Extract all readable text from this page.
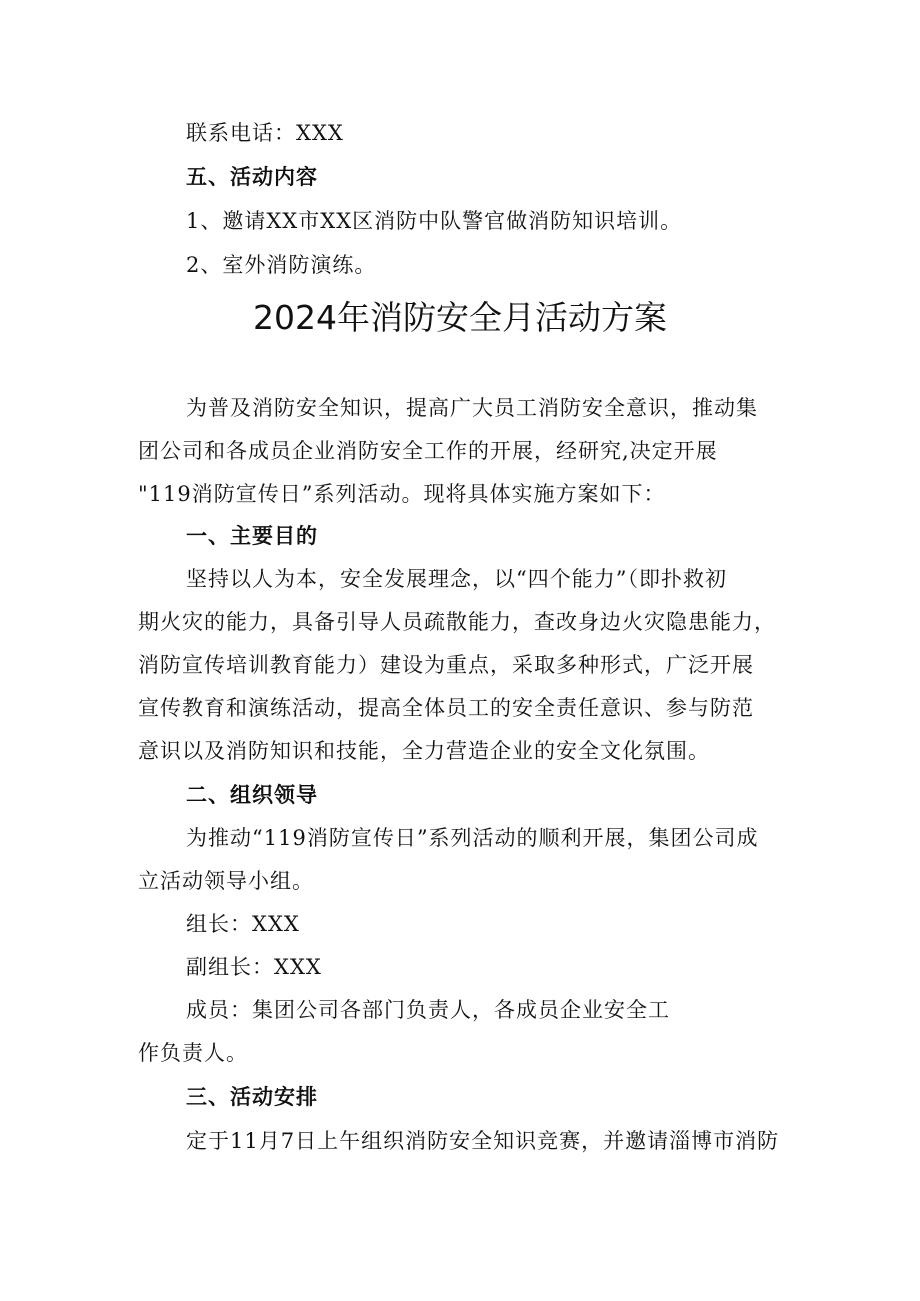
联系电话：XXX

五、活动内容

1、邀请XX市XX区消防中队警官做消防知识培训。

2、室外消防演练。

2024年消防安全月活动方案

为普及消防安全知识，提高广大员工消防安全意识，推动集

团公司和各成员企业消防安全工作的开展，经研究,决定开展

"119消防宣传日”系列活动。现将具体实施方案如下：

一、主要目的

坚持以人为本，安全发展理念，以“四个能力”（即扑救初

期火灾的能力，具备引导人员疏散能力，查改身边火灾隐患能力，

消防宣传培训教育能力）建设为重点，采取多种形式，广泛开展

宣传教育和演练活动，提高全体员工的安全责任意识、参与防范

意识以及消防知识和技能，全力营造企业的安全文化氛围。

二、组织领导

为推动“119消防宣传日”系列活动的顺利开展，集团公司成

立活动领导小组。

组长：XXX

副组长：XXX

成员：集团公司各部门负责人，各成员企业安全工

作负责人。

三、活动安排

定于11月7日上午组织消防安全知识竞赛，并邀请淄博市消防
